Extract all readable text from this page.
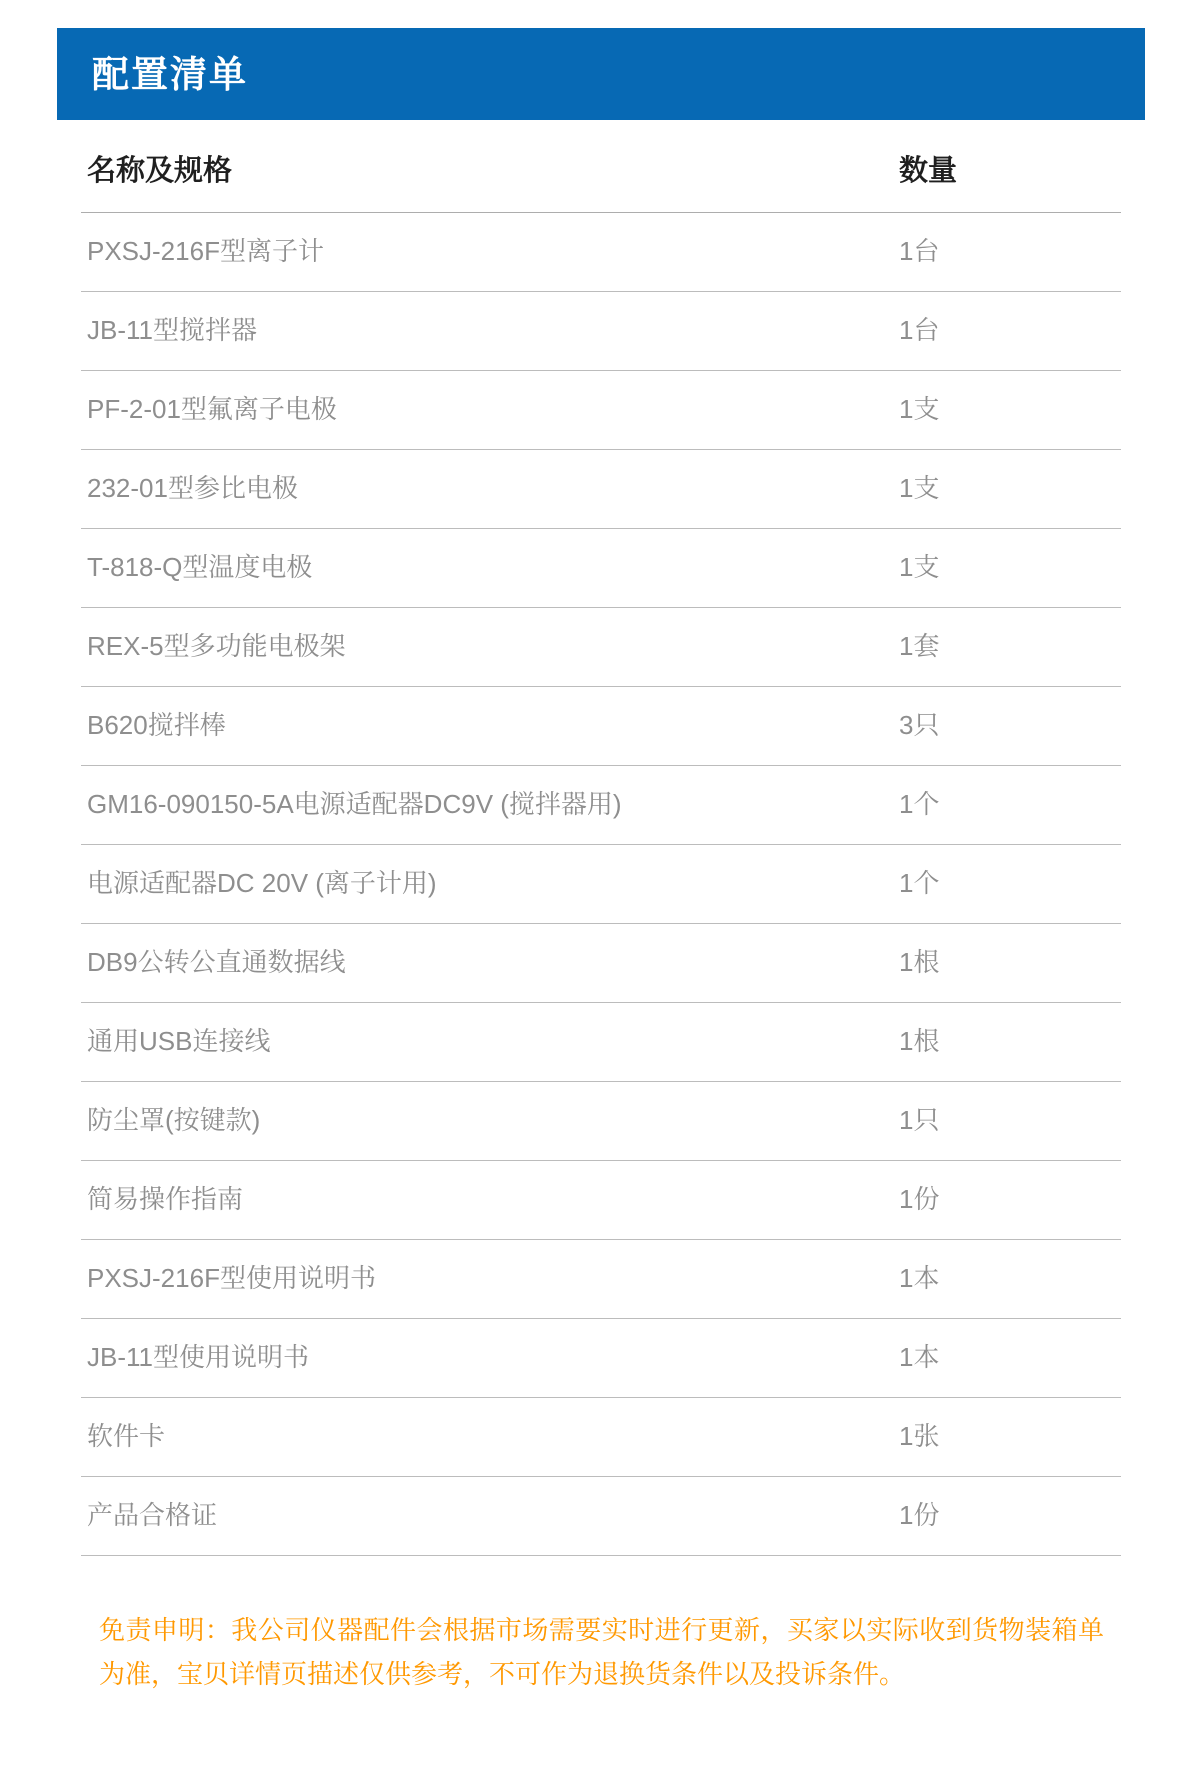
配置清单
名称及规格	数量
PXSJ-216F型离子计	1台
JB-11型搅拌器	1台
PF-2-01型氟离子电极	1支
232-01型参比电极	1支
T-818-Q型温度电极	1支
REX-5型多功能电极架	1套
B620搅拌棒	3只
GM16-090150-5A电源适配器DC9V (搅拌器用)	1个
电源适配器DC 20V (离子计用)	1个
DB9公转公直通数据线	1根
通用USB连接线	1根
防尘罩(按键款)	1只
简易操作指南	1份
PXSJ-216F型使用说明书	1本
JB-11型使用说明书	1本
软件卡	1张
产品合格证	1份
免责申明：我公司仪器配件会根据市场需要实时进行更新，买家以实际收到货物装箱单为准，宝贝详情页描述仅供参考，不可作为退换货条件以及投诉条件。
